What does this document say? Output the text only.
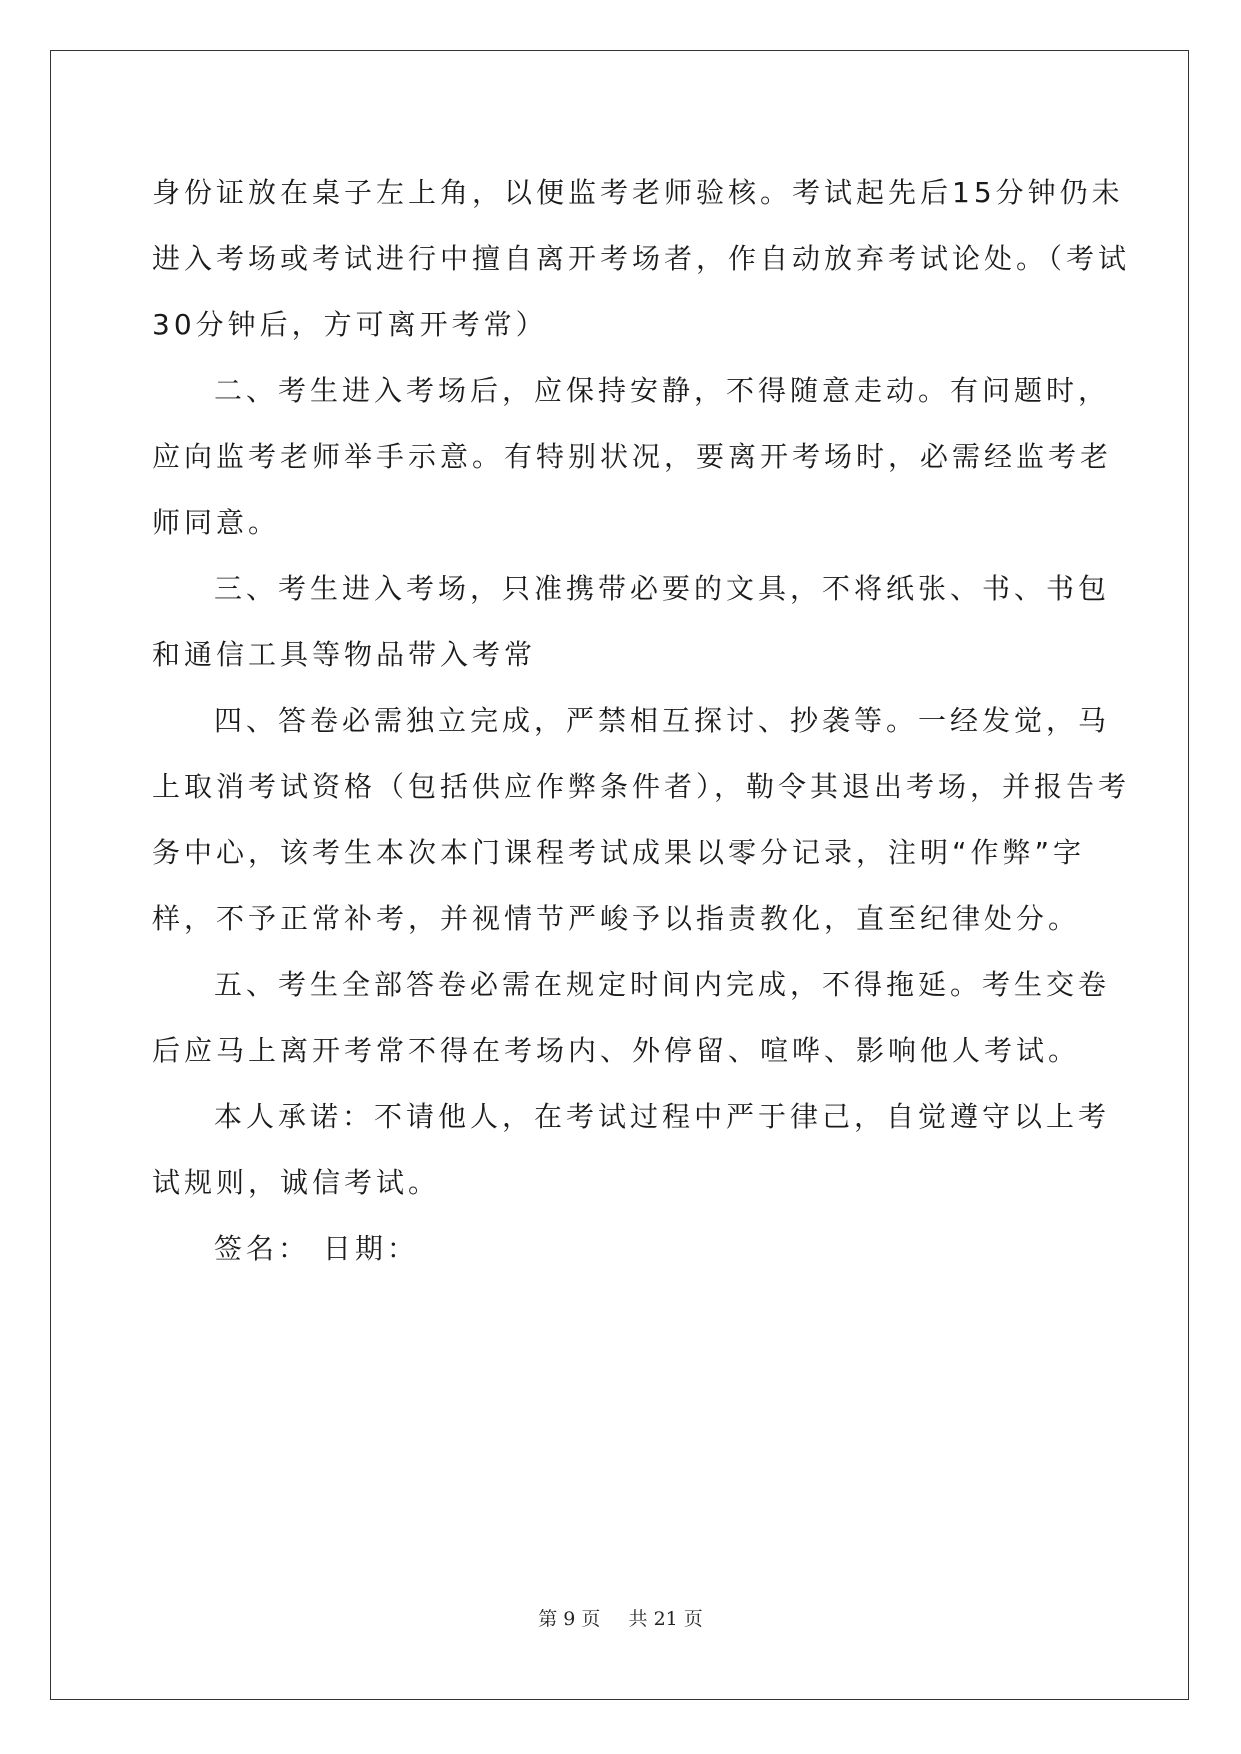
身份证放在桌子左上角，以便监考老师验核。考试起先后15分钟仍未
进入考场或考试进行中擅自离开考场者，作自动放弃考试论处。（考试
30分钟后，方可离开考常）
二、考生进入考场后，应保持安静，不得随意走动。有问题时，
应向监考老师举手示意。有特别状况，要离开考场时，必需经监考老
师同意。
三、考生进入考场，只准携带必要的文具，不将纸张、书、书包
和通信工具等物品带入考常
四、答卷必需独立完成，严禁相互探讨、抄袭等。一经发觉，马
上取消考试资格（包括供应作弊条件者），勒令其退出考场，并报告考
务中心，该考生本次本门课程考试成果以零分记录，注明“作弊”字
样，不予正常补考，并视情节严峻予以指责教化，直至纪律处分。
五、考生全部答卷必需在规定时间内完成，不得拖延。考生交卷
后应马上离开考常不得在考场内、外停留、喧哗、影响他人考试。
本人承诺：不请他人，在考试过程中严于律己，自觉遵守以上考
试规则，诚信考试。
签名： 日期：
第 9 页 共 21 页
